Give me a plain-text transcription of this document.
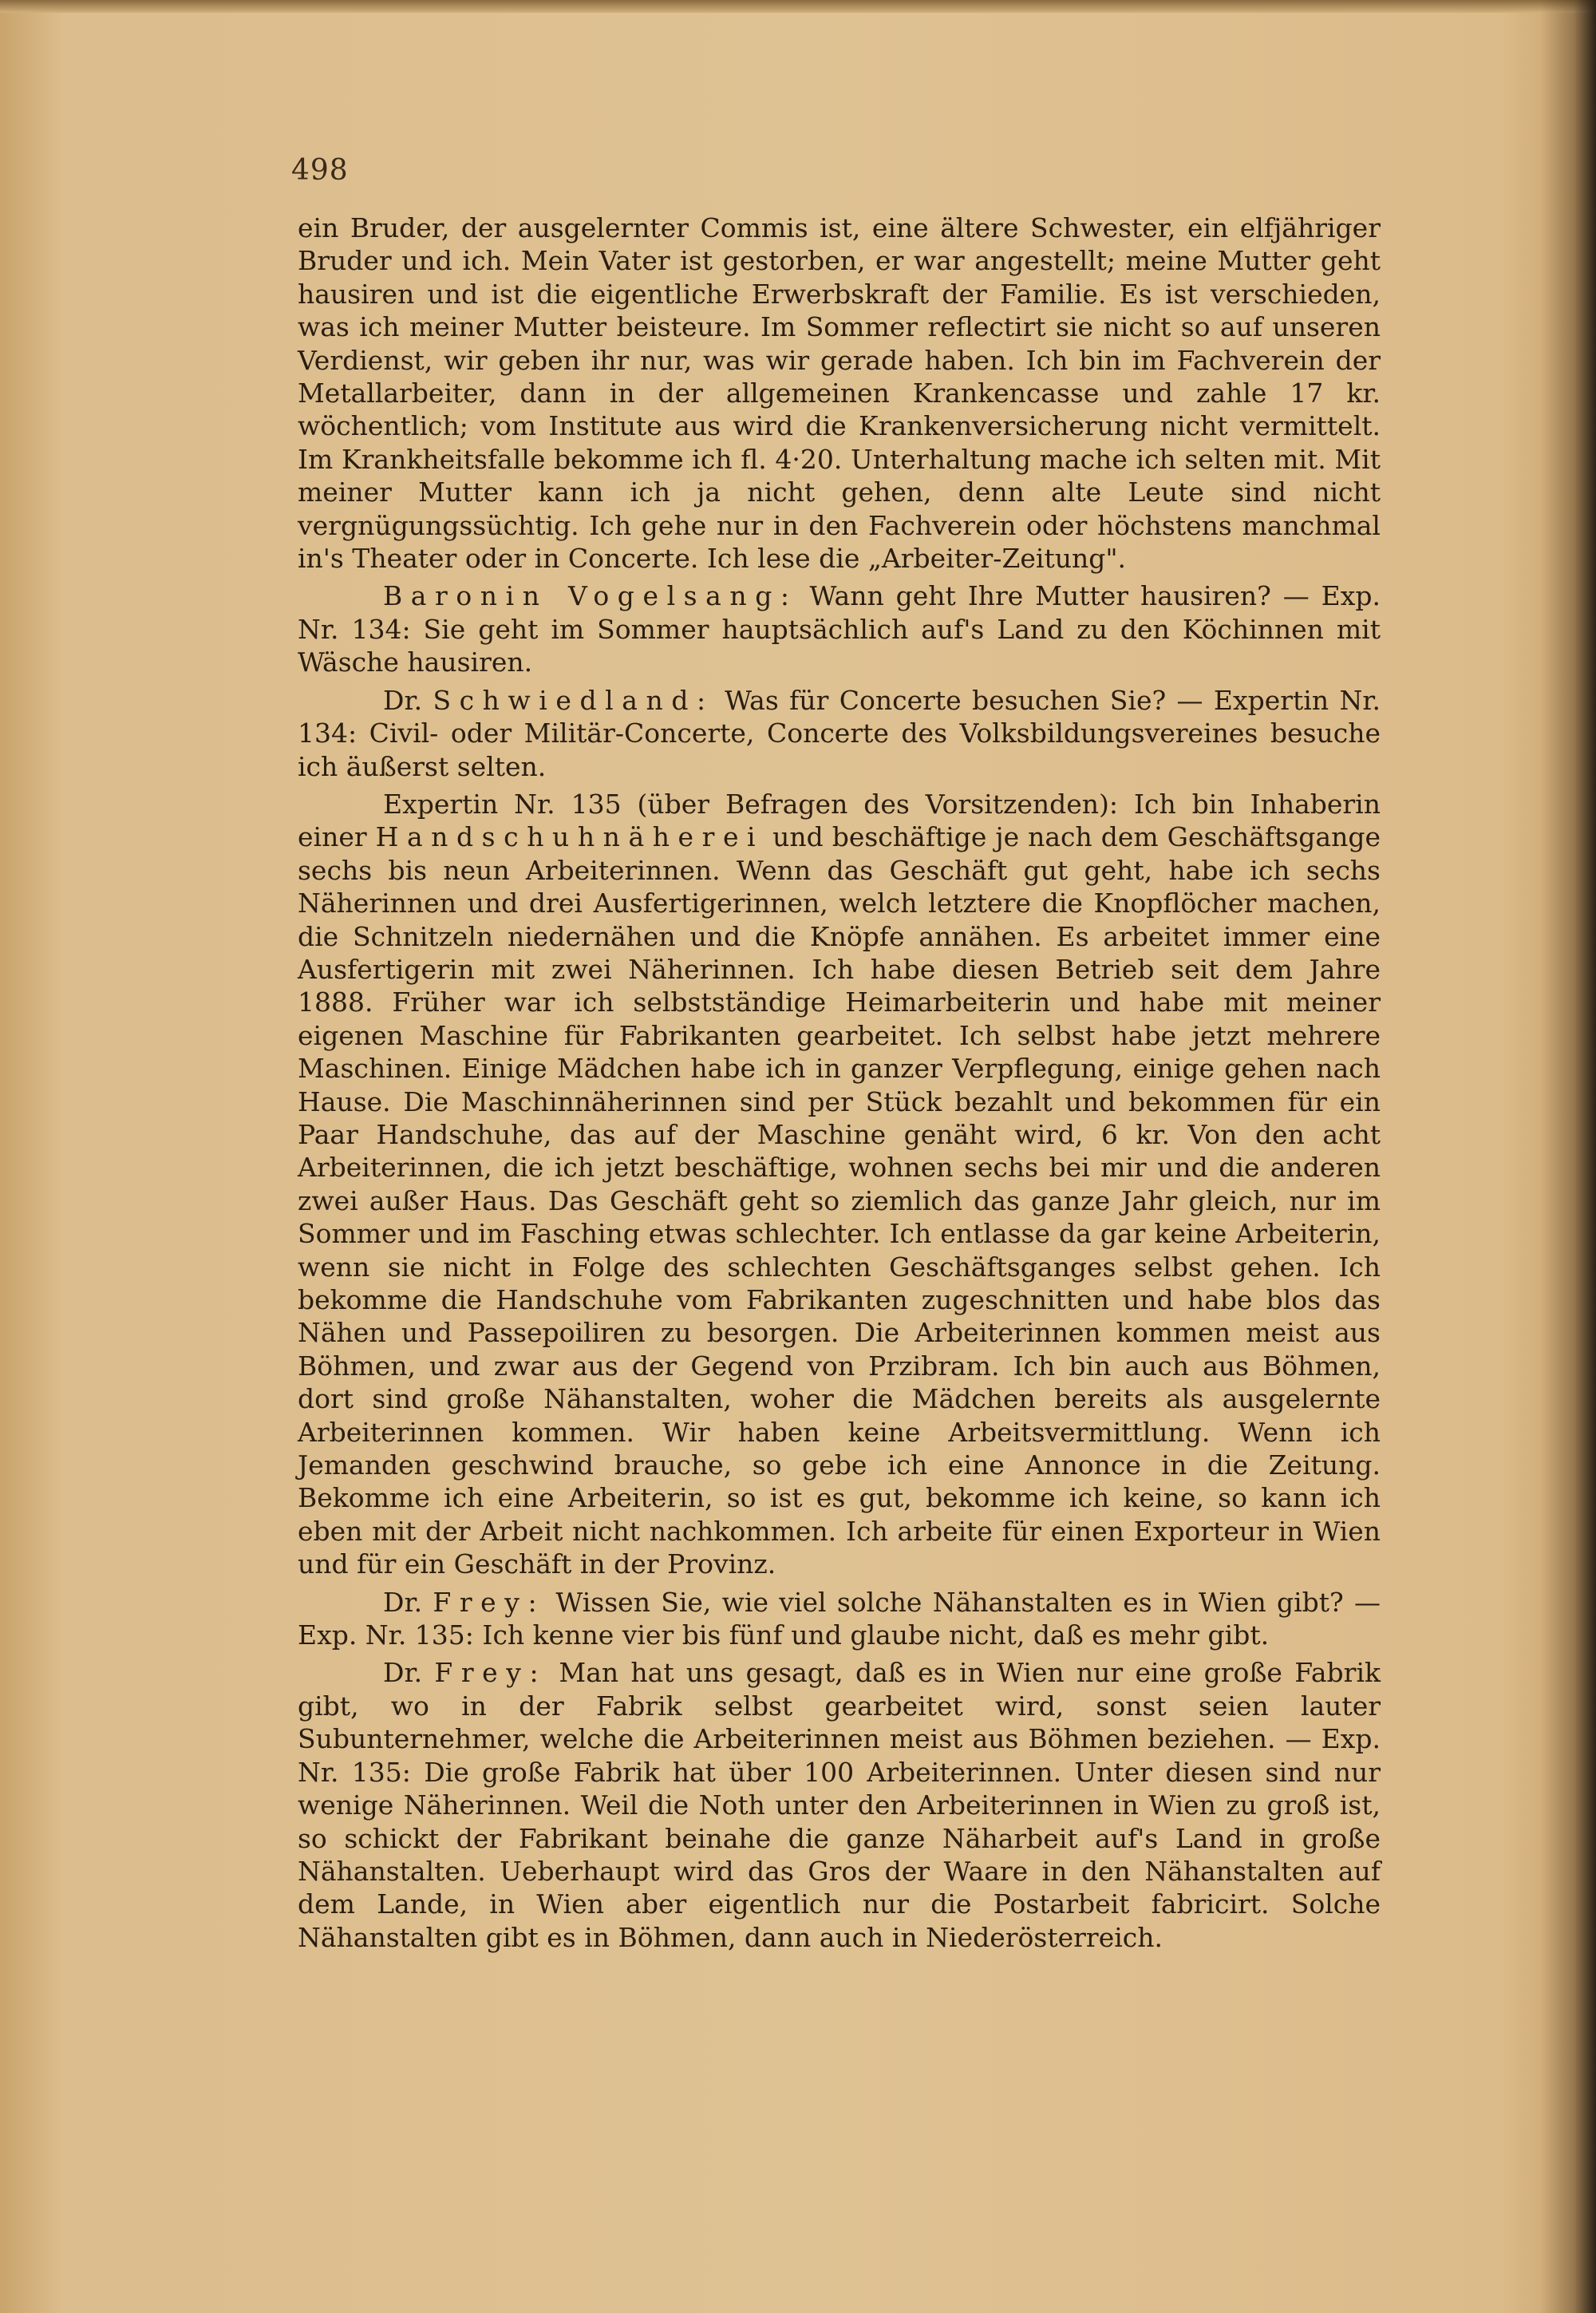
498

ein Bruder, der ausgelernter Commis ist, eine ältere Schwester, ein elfjähriger Bruder und ich. Mein Vater ist gestorben, er war angestellt; meine Mutter geht hausiren und ist die eigentliche Erwerbskraft der Familie. Es ist verschieden, was ich meiner Mutter beisteure. Im Sommer reflectirt sie nicht so auf unseren Verdienst, wir geben ihr nur, was wir gerade haben. Ich bin im Fachverein der Metallarbeiter, dann in der allgemeinen Krankencasse und zahle 17 kr. wöchentlich; vom Institute aus wird die Krankenversicherung nicht vermittelt. Im Krankheitsfalle bekomme ich fl. 4·20. Unterhaltung mache ich selten mit. Mit meiner Mutter kann ich ja nicht gehen, denn alte Leute sind nicht vergnügungssüchtig. Ich gehe nur in den Fachverein oder höchstens manchmal in's Theater oder in Concerte. Ich lese die „Arbeiter-Zeitung".

Baronin Vogelsang: Wann geht Ihre Mutter hausiren? — Exp. Nr. 134: Sie geht im Sommer hauptsächlich auf's Land zu den Köchinnen mit Wäsche hausiren.

Dr. Schwiedland: Was für Concerte besuchen Sie? — Expertin Nr. 134: Civil- oder Militär-Concerte, Concerte des Volksbildungsvereines besuche ich äußerst selten.

Expertin Nr. 135 (über Befragen des Vorsitzenden): Ich bin Inhaberin einer Handschuhnäherei und beschäftige je nach dem Geschäftsgange sechs bis neun Arbeiterinnen. Wenn das Geschäft gut geht, habe ich sechs Näherinnen und drei Ausfertigerinnen, welch letztere die Knopflöcher machen, die Schnitzeln niedernähen und die Knöpfe annähen. Es arbeitet immer eine Ausfertigerin mit zwei Näherinnen. Ich habe diesen Betrieb seit dem Jahre 1888. Früher war ich selbstständige Heimarbeiterin und habe mit meiner eigenen Maschine für Fabrikanten gearbeitet. Ich selbst habe jetzt mehrere Maschinen. Einige Mädchen habe ich in ganzer Verpflegung, einige gehen nach Hause. Die Maschinnäherinnen sind per Stück bezahlt und bekommen für ein Paar Handschuhe, das auf der Maschine genäht wird, 6 kr. Von den acht Arbeiterinnen, die ich jetzt beschäftige, wohnen sechs bei mir und die anderen zwei außer Haus. Das Geschäft geht so ziemlich das ganze Jahr gleich, nur im Sommer und im Fasching etwas schlechter. Ich entlasse da gar keine Arbeiterin, wenn sie nicht in Folge des schlechten Geschäftsganges selbst gehen. Ich bekomme die Handschuhe vom Fabrikanten zugeschnitten und habe blos das Nähen und Passepoiliren zu besorgen. Die Arbeiterinnen kommen meist aus Böhmen, und zwar aus der Gegend von Przibram. Ich bin auch aus Böhmen, dort sind große Nähanstalten, woher die Mädchen bereits als ausgelernte Arbeiterinnen kommen. Wir haben keine Arbeitsvermittlung. Wenn ich Jemanden geschwind brauche, so gebe ich eine Annonce in die Zeitung. Bekomme ich eine Arbeiterin, so ist es gut, bekomme ich keine, so kann ich eben mit der Arbeit nicht nachkommen. Ich arbeite für einen Exporteur in Wien und für ein Geschäft in der Provinz.

Dr. Frey: Wissen Sie, wie viel solche Nähanstalten es in Wien gibt? — Exp. Nr. 135: Ich kenne vier bis fünf und glaube nicht, daß es mehr gibt.

Dr. Frey: Man hat uns gesagt, daß es in Wien nur eine große Fabrik gibt, wo in der Fabrik selbst gearbeitet wird, sonst seien lauter Subunternehmer, welche die Arbeiterinnen meist aus Böhmen beziehen. — Exp. Nr. 135: Die große Fabrik hat über 100 Arbeiterinnen. Unter diesen sind nur wenige Näherinnen. Weil die Noth unter den Arbeiterinnen in Wien zu groß ist, so schickt der Fabrikant beinahe die ganze Näharbeit auf's Land in große Nähanstalten. Ueberhaupt wird das Gros der Waare in den Nähanstalten auf dem Lande, in Wien aber eigentlich nur die Postarbeit fabricirt. Solche Nähanstalten gibt es in Böhmen, dann auch in Niederösterreich.
